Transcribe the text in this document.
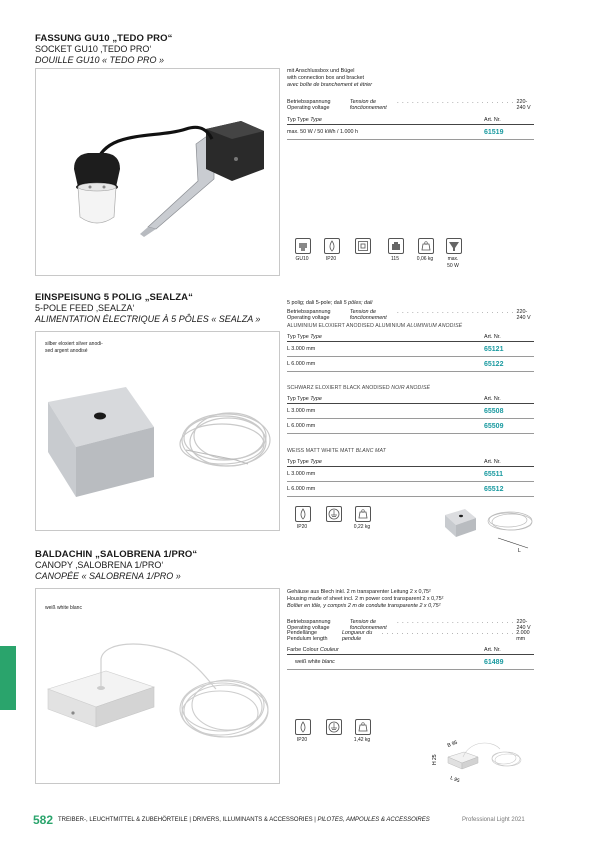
FASSUNG GU10 „TEDO PRO“
SOCKET GU10 ‚TEDO PRO‘
DOUILLE GU10 « TEDO PRO »
mit Anschlussbox und Bügel
with connection box and bracket
avec boîte de branchement et étrier
Betriebsspannung Operating voltage

Tension de fonctionnement
. . . . . . . . . . . . . . . . . . . . . . . . 220-240 V
Typ Type Type	Art. Nr.
max. 50 W / 50 kWh / 1.000 h	61519
GU10	IP20	115	0,06 kg	max.
50 W
EINSPEISUNG 5 POLIG „SEALZA“
5-POLE FEED ‚SEALZA‘
ALIMENTATION ÉLECTRIQUE À 5 PÔLES « SEALZA »
silber eloxiert silver anodi-
sed argent anodisé
5 polig; dali 5-pole; dali 5 pôles; dali
Betriebsspannung Operating voltage

Tension de fonctionnement
. . . . . . . . . . . . . . . . . . . . . . . . 220-240 V
ALUMINIUM ELOXIERT ANODISED ALUMINIUM ALUMINIUM ANODISÉ
Typ Type Type	Art. Nr.
L 3.000 mm	65121
L 6.000 mm	65122
SCHWARZ ELOXIERT BLACK ANODISED NOIR ANODISÉ
Typ Type Type	Art. Nr.
L 3.000 mm	65508
L 6.000 mm	65509
WEISS MATT WHITE MATT BLANC MAT
Typ Type Type	Art. Nr.
L 3.000 mm	65511
L 6.000 mm	65512
IP20	0,22 kg
L
BALDACHIN „SALOBRENA 1/PRO“
CANOPY ‚SALOBRENA 1/PRO‘
CANOPÉE « SALOBRENA 1/PRO »
weiß white blanc
Gehäuse aus Blech inkl. 2 m transparenter Leitung 2 x 0,75²
Housing made of sheet incl. 2 m power cord transparent 2 x 0,75²
Boîtier en tôle, y compris 2 m de conduite transparente 2 x 0,75²
Betriebsspannung Operating voltage

Tension de fonctionnement
. . . . . . . . . . . . . . . . . . . . . . . . 220-240 V
Pendellänge Pendulum length

Longueur du pendule
. . . . . . . . . . . . . . . . . . . . . . . . . . . 2.000 mm
Farbe Colour Couleur	Art. Nr.
weiß white blanc	61489
IP20	1,42 kg	B 95
H 25
L 95
582 TREIBER-, LEUCHTMITTEL & ZUBEHÖRTEILE | DRIVERS, ILLUMINANTS & ACCESSORIES | PILOTES, AMPOULES & ACCESSOIRES	Professional Light 2021
